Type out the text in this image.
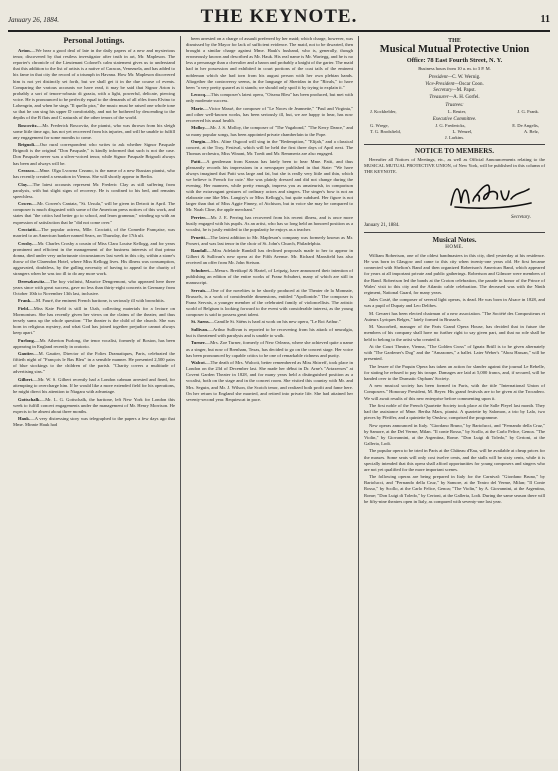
January 26, 1884.	THE KEYNOTE.	11
Personal Jottings.

Arton.—We hear a good deal of late in the daily papers of a new and mysterious tenor, discovered by that restless investigator after truth in art, Mr. Mapleson. The reporter's chronicle of the Lieutenant Colonel's calm statement gives us to understand that this addition to the list of artists is a native of Caracas, Venezuela, and has added to his fame in that city the record of a triumph in Havana. How Mr. Mapleson discovered him is not yet distinctly set forth, but we shall get it in the due course of events. Comparing the various accounts we have read, it may be said that Signor Arton is probably a sort of tenore-robusto di grazia, with a light, powerful, delicate, piercing voice. He is pronounced to be perfectly equal to the demands of all rôles from Elvino to Lohengrin, and when he sings "Il quello pira," the music must be raised one whole tone so that he can sing his upper D comfortably, and not be bothered by descending to the depths of the B flats and C naturals of the other tenors of the world.

Boscovitz.—Mr. Frederick Boscovitz, the pianist, who was thrown from his sleigh some little time ago, has not yet recovered from his injuries, and will be unable to fulfill any engagement for some months to come.

Brignoli.—Our rural correspondent who writes to ask whether Signor Pasquale Brignoli is the original "Don Pasquale," is kindly informed that such is not the case. Don Pasquale never was a silver-voiced tenor, while Signor Pasquale Brignoli always has been and always will be.

Cerasco.—Mme. Olga Lvowna Cezano, is the name of a new Russian pianist, who has recently created a sensation in Vienna. She will shortly appear in Berlin.

Clay.—The latest accounts represent Mr. Frederic Clay as still suffering from paralysis, with but slight signs of recovery. He is confined to his bed, and remains speechless.

Cowen.—Mr. Cowen's Cantata, "St. Ursula," will be given in Detroit in April. The composer is much disgusted with some of the American press notices of this work, and states that "the critics had better go to school, and learn grammar," winding up with an expression of satisfaction that he "did not come over."

Crociatti.—The popular actress, Mlle. Crociatti, of the Comedie Française, was married to an American banker named Sears, on Thursday, the 17th ult.

Crosby.—Mr. Charles Crosby a cousin of Miss Clara Louise Kellogg, and for years prominent and efficient in the management of the business interests of that prima donna, died under very unfortunate circumstances last week in this city, within a stone's throw of the Clarendon Hotel, where Miss Kellogg lives. His illness was consumption, aggravated, doubtless, by the galling necessity of having to appeal to the charity of strangers when he was too ill to do any more work.

Dereszkowitz.—The boy violinist, Maurice Dengremont, who appeared here three years since with great success, gave no less than thirty-eight concerts in Germany from October 10th to November 13th last, inclusive.

Frank.—M. Fauré, the eminent French baritone, is seriously ill with bronchitis.

Field.—Miss Kate Field is still in Utah, collecting materials for a lecture on Mormonism. She has recently given her views on the claims of the theater, and thus tersely sums up the whole question: "The theater is the child of the church. She was born in religious mystery, and what God has joined together prejudice cannot always keep apart."

Furlong.—Mr. Atherton Furlong, the tenor vocalist, formerly of Boston, has been appearing in England recently in oratorio.

Gautier.—M. Gautier, Director of the Folies Dramatiques, Paris, celebrated the fiftieth night of "François le Bas Bleu" in a sensible manner. He presented 2,500 pairs of blue stockings to the children of the parish. "Charity covers a multitude of advertising sins."

Gilbert.—Mr. W. S. Gilbert recently had a London cabman arrested and fined, for attempting to overcharge him. If he would like a more extended field for his operations, he might direct his attention to Niagara with advantage.

Gottschalk.—Mr. L. G. Gottschalk, the baritone, left New York for London this week to fulfill concert engagements under the management of Mr. Henry Morrison. He expects to be absent about three months.

Hauk.—A very distressing story was telegraphed to the papers a few days ago that Mme. Minnie Hauk had

been arrested on a charge of assault preferred by her maid; which charge, however, was dismissed by the Mayor for lack of sufficient evidence. The maid, not to be thwarted, then brought a similar charge against Mme. Hauk's husband, who is, generally, though erroneously known and described as Mr. Hauk. His real name is Mr. Wartegg, and he is no less a personage than a chevalier and a baron and probably a knight of the garter. The maid had in her possession and exhibited in court portions of the coat tails of the eminent nobleman which she had torn from his august person with her own plebian hands. Altogether the controversy seems, in the language of Sheridan in the "Rivals," to have been "a very pretty quarrel as it stands; we should only spoil it by trying to explain it."

Lecocq.—This composer's latest opera, "Oiseau Bleu" has been produced, but met with only moderate success.

Marie.—Victor Massé, the composer of "Le Noces de Jeannette," "Paul and Virginia," and other well-known works, has been seriously ill, but, we are happy to hear, has now recovered his usual health.

Molloy.—Mr. J. S. Molloy, the composer of "The Vagabond," "The Kerry Dance," and so many popular songs, has been appointed private chamberlain to the Pope.

Onegin.—Mrs. Aline Osgood will sing in the "Redemption," "Elijah," and a classical concert, at the Troy, Festival, which will be held the first three days of April next. The Thomas orchestra, Miss Winant, Mr. Toedt and Mr. Remmertz are also engaged.

Patti.—A gentleman from Kansas has lately been to hear Mme. Patti, and thus pleasantly records his impressions in a newspaper published in that State: "We have always imagined that Patti was large and fat, but she is really very little and thin, which we believe is French for cute.' She was plainly dressed and did not change during the evening. Her manners, while pretty enough, impress you as amateurish, in comparison with the extravagant gestures of ordinary actors and singers. The singer's bow is not an elaborate one like Mrs. Langtry's or Miss Kellogg's, but quite subdued. Her figure is not larger than that of Miss Aggie Finney, of Atchison, but in voice she may be compared to Mr. Noah Cline, the apple merchant."

Perrier.—Mr. J. E. Perring has recovered from his recent illness, and is once more busily engaged with his pupils. As an artist, who has so long held an honored position as a vocalist, he is justly entitled to the popularity he enjoys as a teacher.

Pruetti.—The latest addition to Mr. Mapleson's company was formerly known as Mr. Prosert, and was last tenor in the choir of St. John's Church, Philadelphia.

Randall.—Miss Adelaide Randall has declined proposals made to her to appear in Gilbert & Sullivan's new opera at the Fifth Avenue. Mr. Richard Mansfield has also received an offer from Mr. John Stetson.

Schubert.—Messrs. Breitkopf & Hartel, of Leipzig, have announced their intention of publishing an edition of the entire works of Franz Schubert, many of which are still in manuscript.

Servais.—One of the novelties to be shortly produced at the Theater de la Monnaie, Brussels, is a work of considerable dimensions, entitled "Apollonide." The composer is Franz Servais, a younger member of the celebrated family of violoncellists. The artistic world of Belgium is looking forward to the event with considerable interest, as the young composer is said to possess great talent.

St. Saens.—Camille St. Säëns is hard at work on his new opera, "Le Roi Arthur."

Sullivan.—Arthur Sullivan is reported to be recovering from his attack of neuralgia, but is threatened with paralysis and is unable to walk.

Turner.—Mrs. Zoe Turner, formerly of New Orleans, where she achieved quite a name as a singer, but now of Brenham, Texas, has decided to go on the concert stage. Her voice has been pronounced by capable critics to be one of remarkable richness and purity.

Walcot.—The death of Mrs. Walcott, better remembered as Miss Shirreff, took place in London on the 23d of December last. She made her début in Dr. Arne's "Artaxerxes" at Covent Garden Theater in 1828, and for many years held a distinguished position as a vocalist, both on the stage and in the concert room. She visited this country with Mr. and Mrs. Seguin, and Mr. J. Wilson, the Scotch tenor, and realized both profit and fame here. On her return to England she married, and retired into private life. She had attained her seventy-second year. Requiescat in pace.

THE
Musical Mutual Protective Union
Office: 78 East Fourth Street, N. Y.
Business hours from 10 a. m. to 3 P. M.
President—C. W. Wernig.
Vice-President—Oscar Coon.
Secretary—M. Papst.
Treasurer—A. H. Gorfel.
Trustees:
J. Kockhelder,	L. Reuter,	J. G. Frank.
Executive Committee.
G. Wrege,	J. G. Fredericks,	E. De Angelis,
T. G. Brodsfield,	L. Wenzel,	A. Belz,
J. Larkins.
NOTICE TO MEMBERS.

Hereafter all Notices of Meetings, etc., as well as Official Announcements relating to the MUSICAL MUTUAL PROTECTIVE UNION, of New York, will be published in this column of THE KEYNOTE.

Secretary.
January 21, 1884.
Musical Notes.
HOME.

William Robertson, one of the oldest bandmasters in this city, died yesterday at his residence. He was born in Glasgow and came to this city when twenty-one years old. He first became connected with Shelton's Band and then organized Robertson's American Band, which appeared for years at all important private and public gatherings. Robertson and Gilmore were members of the Band. Robertson led the bands at the Croton celebration, the parade in honor of the Prince of Wales' visit to this city and the Atlantic cable celebration. The deceased was with the Ninth regiment, National Guard, for many years.

Jules Costé, the composer of several light operas, is dead. He was born in Alsace in 1828, and was a pupil of Dupaty and Leo Delibes.

M. Gevaert has been elected chairman of a new association. "The Société des Compositeurs et Auteurs Lyriques Belges," lately formed in Brussels.

M. Vaucorbeil, manager of the Paris Grand Opera House, has decided that in future the members of his company shall have no further right to say given part, and that no role shall be held to belong to the artist who created it.

At the Court Theatre, Vienna, "The Golden Cross" of Ignatz Brüll is to be given alternately with "The Gardener's Dog" and the "Amazones," a ballet. Later Weber's "Abou Hassan," will be presented.

The lessee of the Paquin Opera has taken an action for slander against the journal Le Rebelle, for stating he refused to pay his troupe. Damages are laid at 5,000 francs, and, if secured, will be handed over to the Dramatic Orphans' Society.

A new musical society has been formed in Paris, with the title "International Union of Composers." Honorary President, M. Beyer. His grand festivals are to be given at the Trocadero. We will await results of this new enterprise before commenting upon it.

The first noble of the French Quartette Society took place at the Salle Pleyel last month. They had the assistance of Mme. Bertha Marx, pianist. A quartette by Salomon, a trio by Lalo, two pieces by Pfeiffer, and a quintette by Onslow, comprised the programme.

New operas announced in Italy. "Giordano Bruno," by Bartolucci, and "Fernando della Cruz," by Samore, at the Del Verme, Milan. "Il conte Rosso," by Scollo, at the Carlo Felice, Genoa. "The Violin," by Giovannini, at the Argentina, Rome. "Don Luigi di Toledo," by Cerioni, at the Galleria, Lodi.

The popular opera to be tried in Paris at the Château d'Eau, will be available at cheap prices for the masses. Some seats will only cost twelve cents, and the stalls will be sixty cents, while it is specially intended that this opera shall afford opportunities for young composers and singers who are not yet qualified for the more important scenes.

The following operas are being prepared in Italy for the Carnival: "Giordano Bruno," by Bartolucci, and "Fernando della Cruz," by Samore, at the Teatro del Verme, Milan; "Il Conte Rosso," by Scollo, at the Carlo Felice, Genoa; "The Violin," by A. Giovannini, at the Argentina, Rome; "Don Luigi di Toledo," by Cerioni, at the Galleria, Lodi. During the same season there will be fifty-nine theatres open in Italy, as compared with seventy-one last year.
